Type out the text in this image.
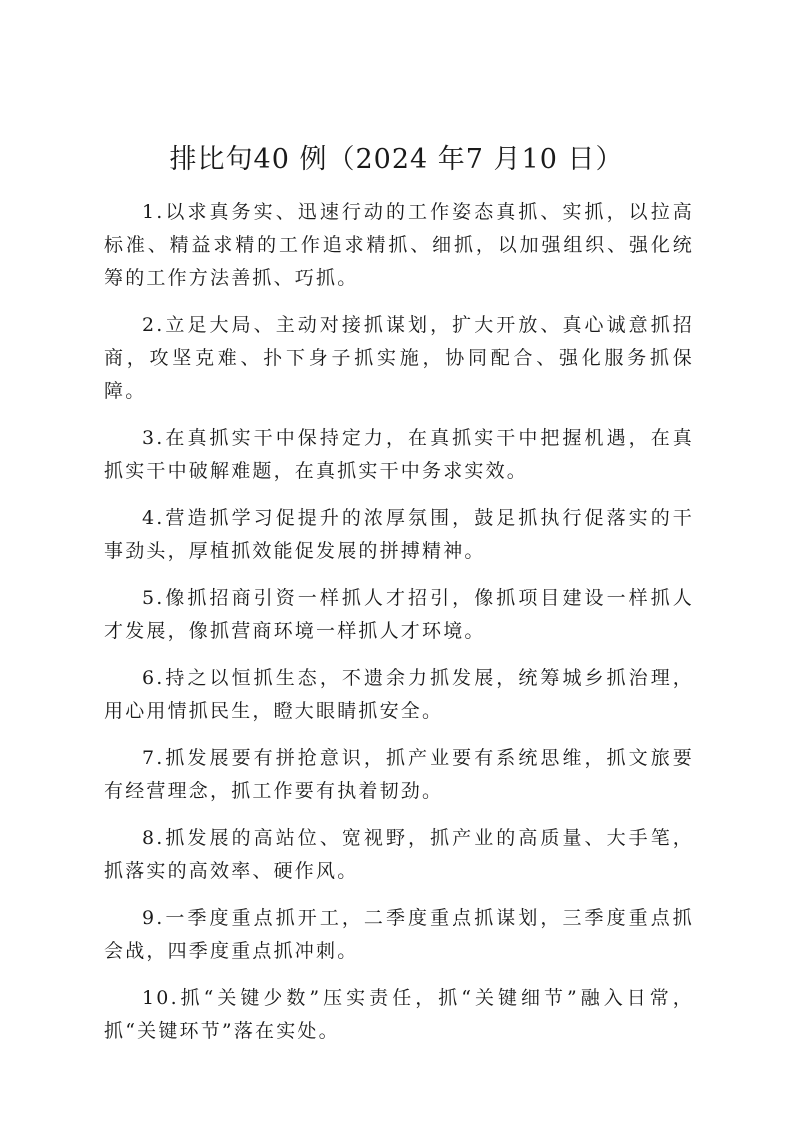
排比句40 例（2024 年7 月10 日）

1.以求真务实、迅速行动的工作姿态真抓、实抓，以拉高标准、精益求精的工作追求精抓、细抓，以加强组织、强化统筹的工作方法善抓、巧抓。

2.立足大局、主动对接抓谋划，扩大开放、真心诚意抓招商，攻坚克难、扑下身子抓实施，协同配合、强化服务抓保障。

3.在真抓实干中保持定力，在真抓实干中把握机遇，在真抓实干中破解难题，在真抓实干中务求实效。

4.营造抓学习促提升的浓厚氛围，鼓足抓执行促落实的干事劲头，厚植抓效能促发展的拼搏精神。

5.像抓招商引资一样抓人才招引，像抓项目建设一样抓人才发展，像抓营商环境一样抓人才环境。

6.持之以恒抓生态，不遗余力抓发展，统筹城乡抓治理，用心用情抓民生，瞪大眼睛抓安全。

7.抓发展要有拼抢意识，抓产业要有系统思维，抓文旅要有经营理念，抓工作要有执着韧劲。

8.抓发展的高站位、宽视野，抓产业的高质量、大手笔，抓落实的高效率、硬作风。

9.一季度重点抓开工，二季度重点抓谋划，三季度重点抓会战，四季度重点抓冲刺。

10.抓“关键少数”压实责任，抓“关键细节”融入日常，抓“关键环节”落在实处。
